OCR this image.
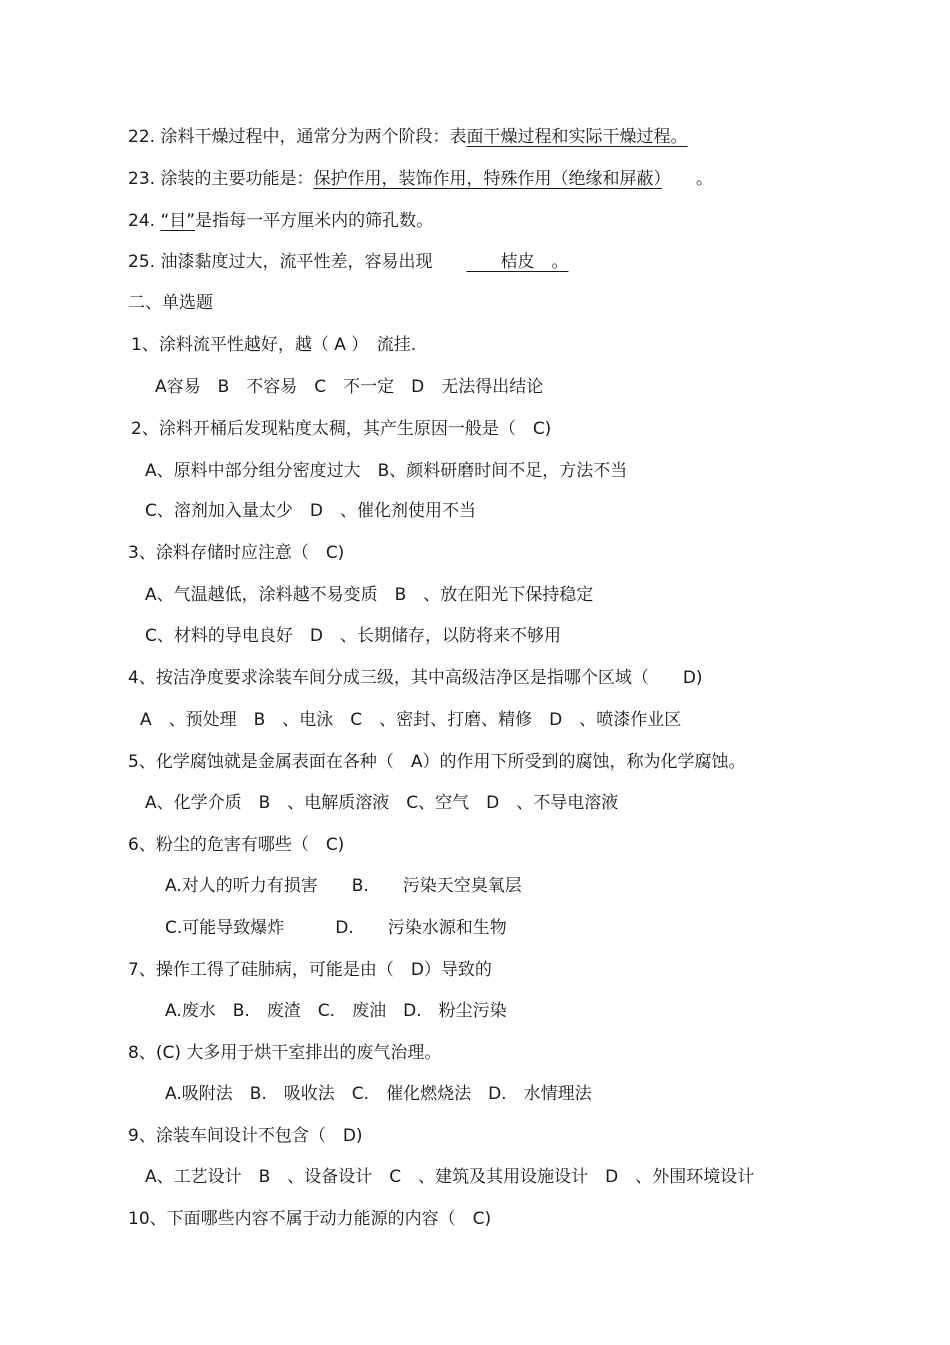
22. 涂料干燥过程中，通常分为两个阶段：表面干燥过程和实际干燥过程。
23. 涂装的主要功能是：保护作用，装饰作用，特殊作用（绝缘和屏蔽）　　。
24. “目”是指每一平方厘米内的筛孔数。
25. 油漆黏度过大，流平性差，容易出现　　　　桔皮　。
二、单选题
1、涂料流平性越好，越（ A ）　流挂.
A容易　B　不容易　C　不一定　D　无法得出结论
2、涂料开桶后发现粘度太稠，其产生原因一般是（　C)
A、原料中部分组分密度过大　B、颜料研磨时间不足，方法不当
C、溶剂加入量太少　D　、催化剂使用不当
3、涂料存储时应注意（　C)
A、气温越低，涂料越不易变质　B　、放在阳光下保持稳定
C、材料的导电良好　D　、长期储存，以防将来不够用
4、按洁净度要求涂装车间分成三级，其中高级洁净区是指哪个区域（　　D)
A　、预处理　B　、电泳　C　、密封、打磨、精修　D　、喷漆作业区
5、化学腐蚀就是金属表面在各种（　A）的作用下所受到的腐蚀，称为化学腐蚀。
A、化学介质　B　、电解质溶液　C、空气　D　、不导电溶液
6、粉尘的危害有哪些（　C)
A.对人的听力有损害　　B.　　污染天空臭氧层
C.可能导致爆炸　　　D.　　污染水源和生物
7、操作工得了硅肺病，可能是由（　D）导致的
A.废水　B.　废渣　C.　废油　D.　粉尘污染
8、(C) 大多用于烘干室排出的废气治理。
A.吸附法　B.　吸收法　C.　催化燃烧法　D.　水情理法
9、涂装车间设计不包含（　D)
A、工艺设计　B　、设备设计　C　、建筑及其用设施设计　D　、外围环境设计
10、下面哪些内容不属于动力能源的内容（　C)
